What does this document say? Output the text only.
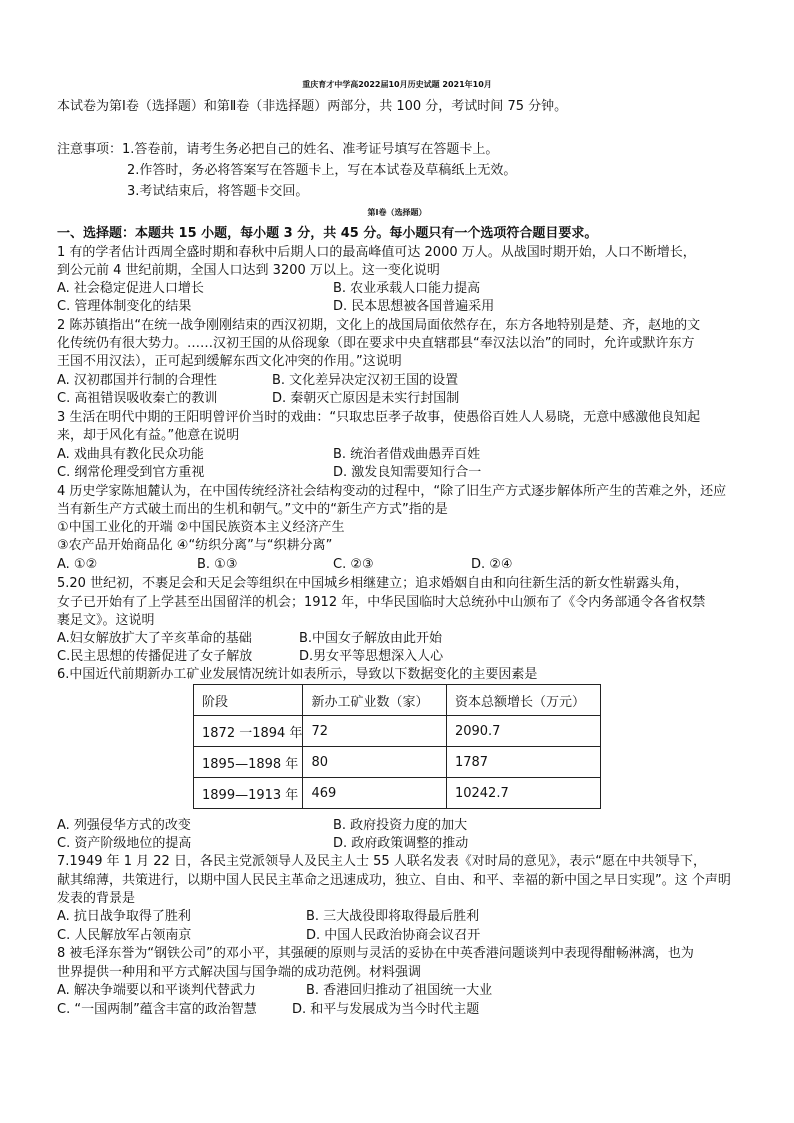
重庆育才中学高2022届10月历史试题 2021年10月
本试卷为第Ⅰ卷（选择题）和第Ⅱ卷（非选择题）两部分，共 100 分，考试时间 75 分钟。
注意事项：1.答卷前，请考生务必把自己的姓名、准考证号填写在答题卡上。
2.作答时，务必将答案写在答题卡上，写在本试卷及草稿纸上无效。
3.考试结束后，将答题卡交回。
第Ⅰ卷（选择题）
一、选择题：本题共 15 小题，每小题 3 分，共 45 分。每小题只有一个选项符合题目要求。
1 有的学者估计西周全盛时期和春秋中后期人口的最高峰值可达 2000 万人。从战国时期开始，人口不断增长，
到公元前 4 世纪前期，全国人口达到 3200 万以上。这一变化说明
A. 社会稳定促进人口增长	B. 农业承载人口能力提高
C. 管理体制变化的结果	D. 民本思想被各国普遍采用
2 陈苏镇指出“在统一战争刚刚结束的西汉初期，文化上的战国局面依然存在，东方各地特别是楚、齐，赵地的文
化传统仍有很大势力。……汉初王国的从俗现象（即在要求中央直辖郡县“奉汉法以治”的同时，允许或默许东方
王国不用汉法），正可起到缓解东西文化冲突的作用。”这说明
A. 汉初郡国并行制的合理性	B. 文化差异决定汉初王国的设置
C. 高祖错误吸收秦亡的教训	D. 秦朝灭亡原因是未实行封国制
3 生活在明代中期的王阳明曾评价当时的戏曲：“只取忠臣孝子故事，使愚俗百姓人人易晓，无意中感激他良知起
来，却于风化有益。”他意在说明
A. 戏曲具有教化民众功能	B. 统治者借戏曲愚弄百姓
C. 纲常伦理受到官方重视	D. 激发良知需要知行合一
4 历史学家陈旭麓认为，在中国传统经济社会结构变动的过程中，“除了旧生产方式逐步解体所产生的苦难之外，还应
当有新生产方式破土而出的生机和朝气。”文中的“新生产方式”指的是
①中国工业化的开端 ②中国民族资本主义经济产生
③农产品开始商品化 ④“纺织分离”与“织耕分离”
A. ①②	B. ①③	C. ②③	D. ②④
5.20 世纪初，不裹足会和天足会等组织在中国城乡相继建立；追求婚姻自由和向往新生活的新女性崭露头角，
女子已开始有了上学甚至出国留洋的机会；1912 年，中华民国临时大总统孙中山颁布了《令内务部通令各省权禁
裹足文》。这说明
A.妇女解放扩大了辛亥革命的基础	B.中国女子解放由此开始
C.民主思想的传播促进了女子解放	D.男女平等思想深入人心
6.中国近代前期新办工矿业发展情况统计如表所示，导致以下数据变化的主要因素是
阶段	新办工矿业数（家）	资本总额增长（万元）
1872 一1894 年	72	2090.7
1895—1898 年	80	1787
1899—1913 年	469	10242.7
A. 列强侵华方式的改变	B. 政府投资力度的加大
C. 资产阶级地位的提高	D. 政府政策调整的推动
7.1949 年 1 月 22 日，各民主党派领导人及民主人士 55 人联名发表《对时局的意见》，表示“愿在中共领导下，
献其绵薄，共策进行，以期中国人民民主革命之迅速成功，独立、自由、和平、幸福的新中国之早日实现”。这 个声明
发表的背景是
A. 抗日战争取得了胜利	B. 三大战役即将取得最后胜利
C. 人民解放军占领南京	D. 中国人民政治协商会议召开
8 被毛泽东誉为“钢铁公司”的邓小平，其强硬的原则与灵活的妥协在中英香港问题谈判中表现得酣畅淋漓，也为
世界提供一种用和平方式解决国与国争端的成功范例。材料强调
A. 解决争端要以和平谈判代替武力	B. 香港回归推动了祖国统一大业
C. “一国两制”蕴含丰富的政治智慧	D. 和平与发展成为当今时代主题
